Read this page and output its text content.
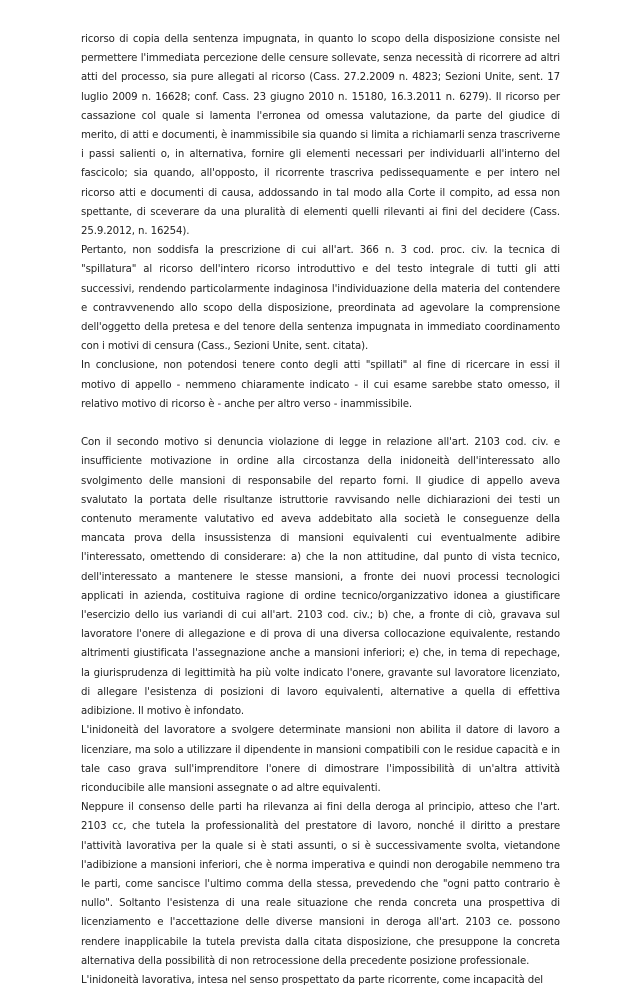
ricorso di copia della sentenza impugnata, in quanto lo scopo della disposizione consiste nel permettere l'immediata percezione delle censure sollevate, senza necessità di ricorrere ad altri atti del processo, sia pure allegati al ricorso (Cass. 27.2.2009 n. 4823; Sezioni Unite, sent. 17 luglio 2009 n. 16628; conf. Cass. 23 giugno 2010 n. 15180, 16.3.2011 n. 6279). Il ricorso per cassazione col quale si lamenta l'erronea od omessa valutazione, da parte del giudice di merito, di atti e documenti, è inammissibile sia quando si limita a richiamarli senza trascriverne i passi salienti o, in alternativa, fornire gli elementi necessari per individuarli all'interno del fascicolo; sia quando, all'opposto, il ricorrente trascriva pedissequamente e per intero nel ricorso atti e documenti di causa, addossando in tal modo alla Corte il compito, ad essa non spettante, di sceverare da una pluralità di elementi quelli rilevanti ai fini del decidere (Cass. 25.9.2012, n. 16254).

Pertanto, non soddisfa la prescrizione di cui all'art. 366 n. 3 cod. proc. civ. la tecnica di "spillatura" al ricorso dell'intero ricorso introduttivo e del testo integrale di tutti gli atti successivi, rendendo particolarmente indaginosa l'individuazione della materia del contendere e contravvenendo allo scopo della disposizione, preordinata ad agevolare la comprensione dell'oggetto della pretesa e del tenore della sentenza impugnata in immediato coordinamento con i motivi di censura (Cass., Sezioni Unite, sent. citata).

In conclusione, non potendosi tenere conto degli atti "spillati" al fine di ricercare in essi il motivo di appello - nemmeno chiaramente indicato - il cui esame sarebbe stato omesso, il relativo motivo di ricorso è - anche per altro verso - inammissibile.

Con il secondo motivo si denuncia violazione di legge in relazione all'art. 2103 cod. civ. e insufficiente motivazione in ordine alla circostanza della inidoneità dell'interessato allo svolgimento delle mansioni di responsabile del reparto forni. Il giudice di appello aveva svalutato la portata delle risultanze istruttorie ravvisando nelle dichiarazioni dei testi un contenuto meramente valutativo ed aveva addebitato alla società le conseguenze della mancata prova della insussistenza di mansioni equivalenti cui eventualmente adibire l'interessato, omettendo di considerare: a) che la non attitudine, dal punto di vista tecnico, dell'interessato a mantenere le stesse mansioni, a fronte dei nuovi processi tecnologici applicati in azienda, costituiva ragione di ordine tecnico/organizzativo idonea a giustificare l'esercizio dello ius variandi di cui all'art. 2103 cod. civ.; b) che, a fronte di ciò, gravava sul lavoratore l'onere di allegazione e di prova di una diversa collocazione equivalente, restando altrimenti giustificata l'assegnazione anche a mansioni inferiori; e) che, in tema di repechage, la giurisprudenza di legittimità ha più volte indicato l'onere, gravante sul lavoratore licenziato, di allegare l'esistenza di posizioni di lavoro equivalenti, alternative a quella di effettiva adibizione. Il motivo è infondato.

L'inidoneità del lavoratore a svolgere determinate mansioni non abilita il datore di lavoro a licenziare, ma solo a utilizzare il dipendente in mansioni compatibili con le residue capacità e in tale caso grava sull'imprenditore l'onere di dimostrare l'impossibilità di un'altra attività riconducibile alle mansioni assegnate o ad altre equivalenti.

Neppure il consenso delle parti ha rilevanza ai fini della deroga al principio, atteso che l'art. 2103 cc, che tutela la professionalità del prestatore di lavoro, nonché il diritto a prestare l'attività lavorativa per la quale si è stati assunti, o si è successivamente svolta, vietandone l'adibizione a mansioni inferiori, che è norma imperativa e quindi non derogabile nemmeno tra le parti, come sancisce l'ultimo comma della stessa, prevedendo che "ogni patto contrario è nullo". Soltanto l'esistenza di una reale situazione che renda concreta una prospettiva di licenziamento e l'accettazione delle diverse mansioni in deroga all'art. 2103 ce. possono rendere inapplicabile la tutela prevista dalla citata disposizione, che presuppone la concreta alternativa della possibilità di non retrocessione della precedente posizione professionale.

L'inidoneità lavorativa, intesa nel senso prospettato da parte ricorrente, come incapacità del
